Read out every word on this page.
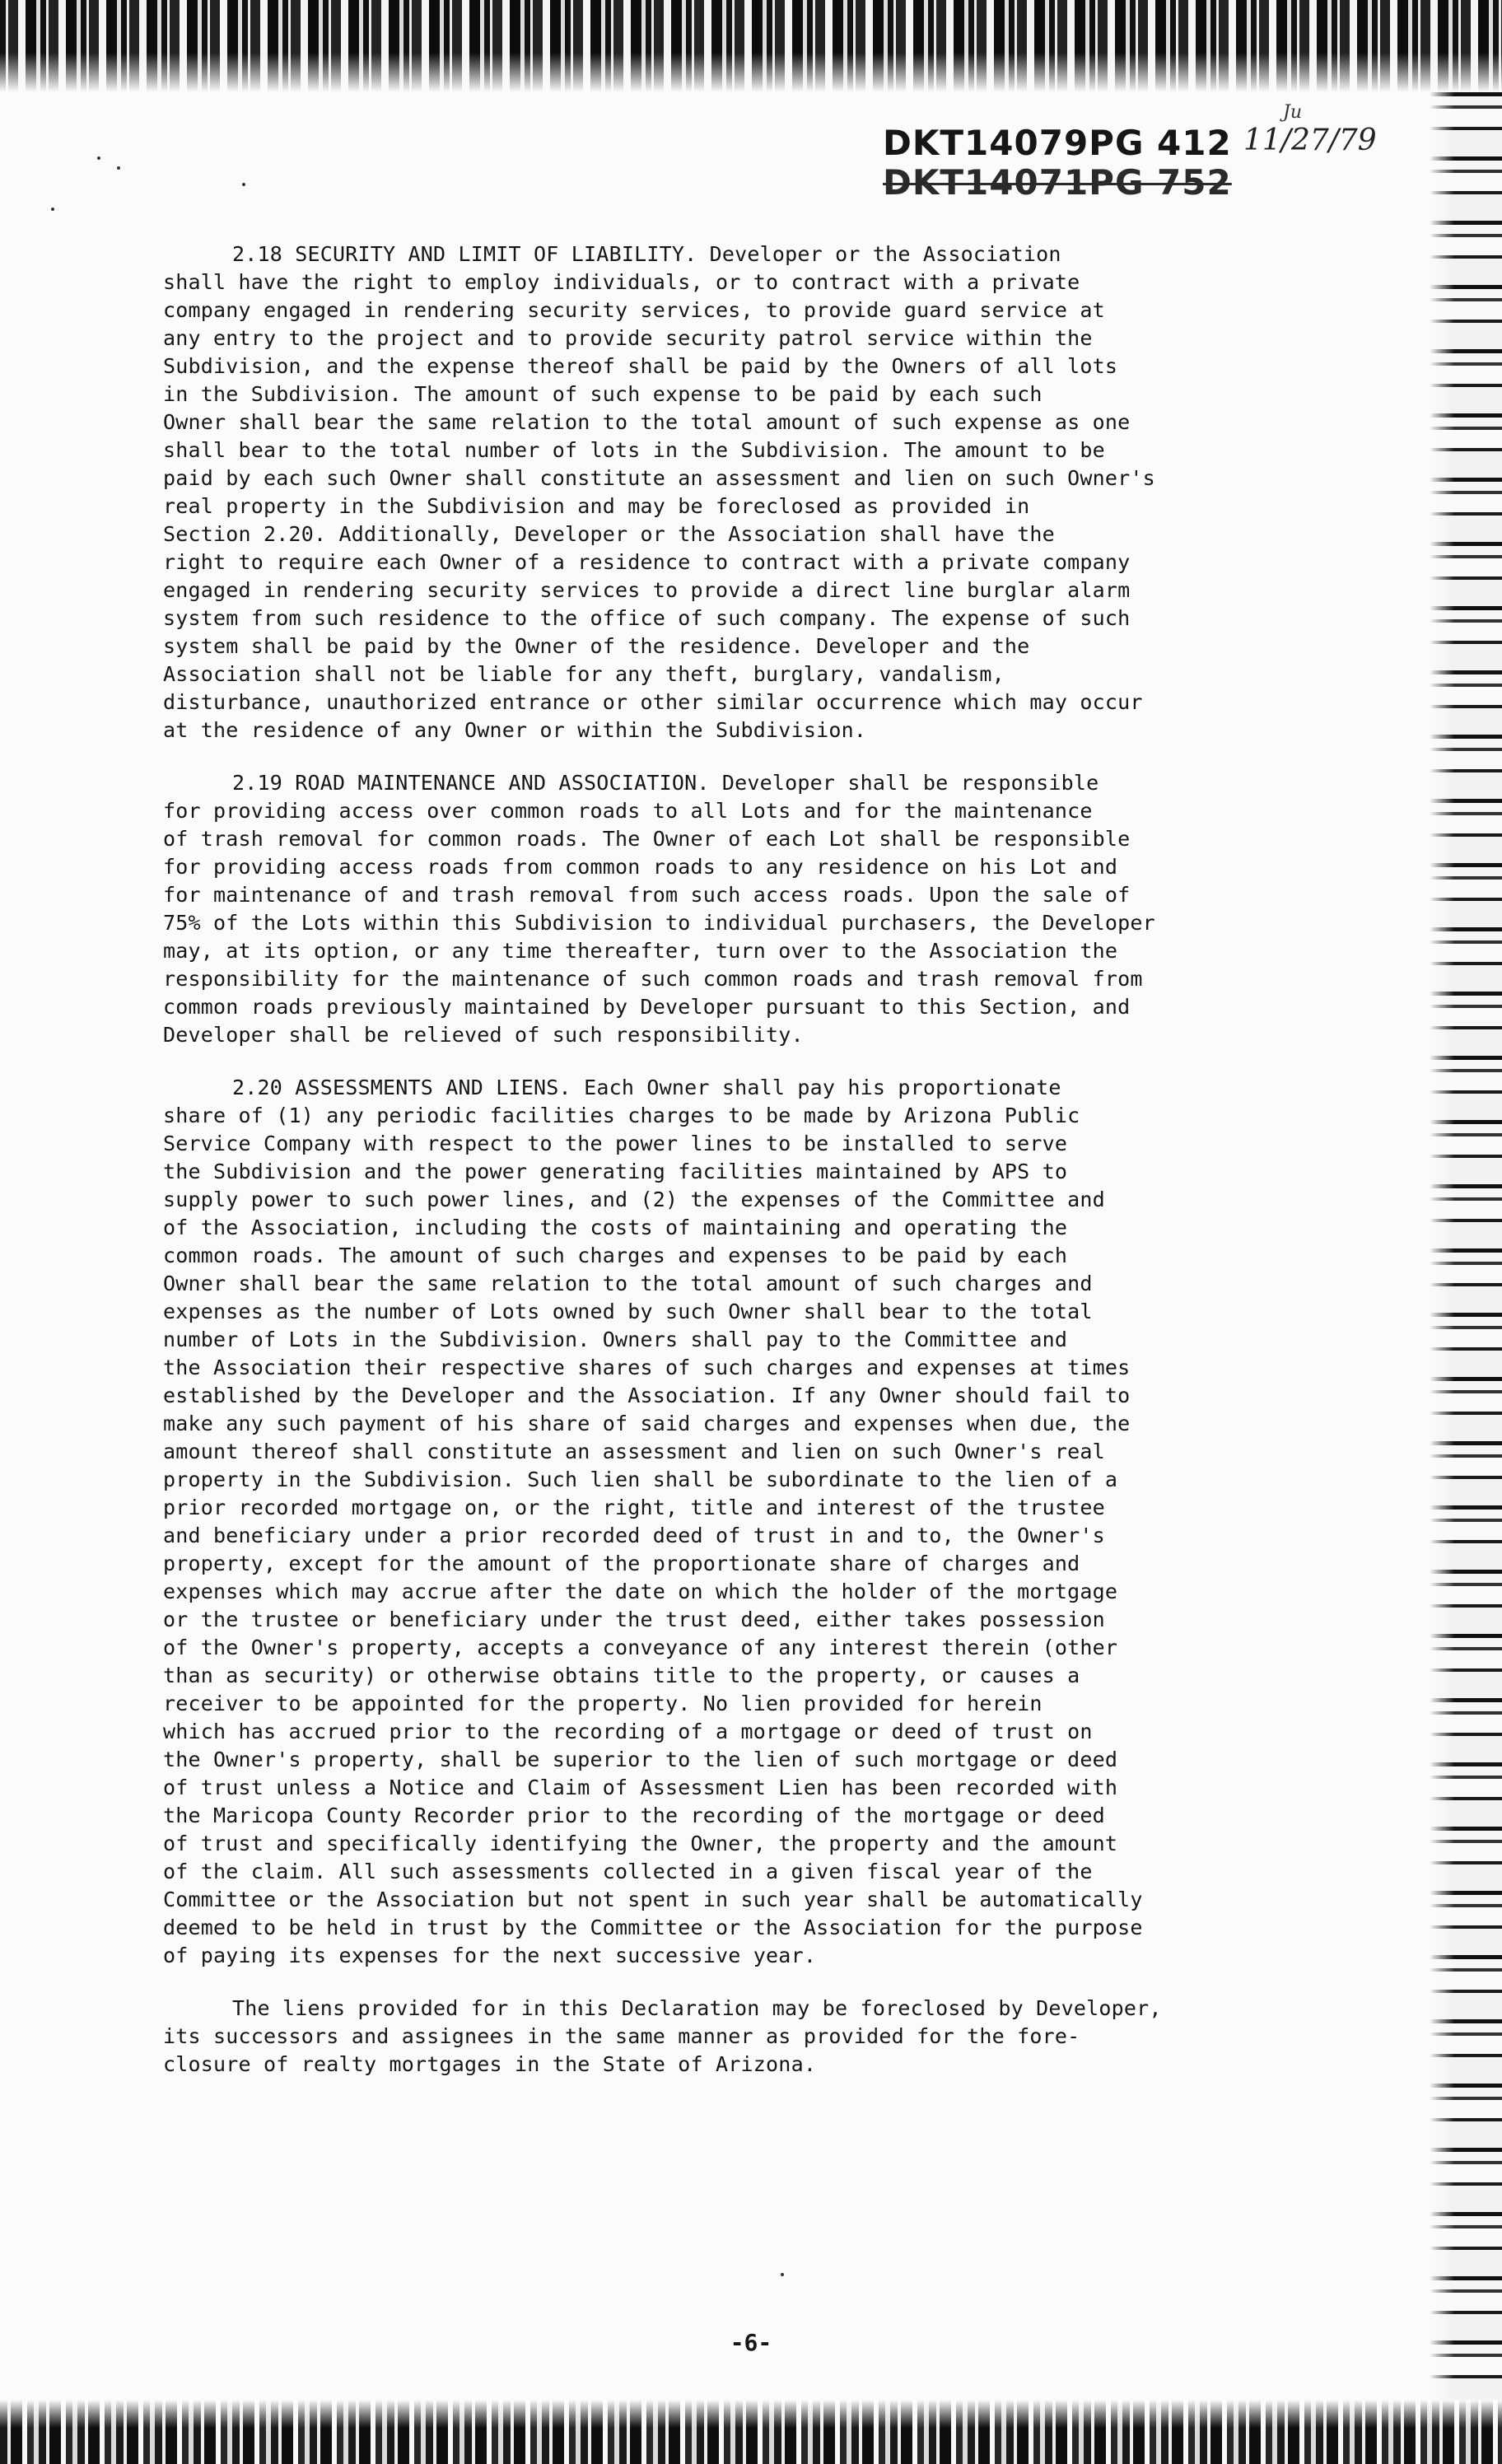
DKT14079PG 412
DKT14071PG 752
Ju
11/27/79

2.18 SECURITY AND LIMIT OF LIABILITY. Developer or the Association
shall have the right to employ individuals, or to contract with a private
company engaged in rendering security services, to provide guard service at
any entry to the project and to provide security patrol service within the
Subdivision, and the expense thereof shall be paid by the Owners of all lots
in the Subdivision. The amount of such expense to be paid by each such
Owner shall bear the same relation to the total amount of such expense as one
shall bear to the total number of lots in the Subdivision. The amount to be
paid by each such Owner shall constitute an assessment and lien on such Owner's
real property in the Subdivision and may be foreclosed as provided in
Section 2.20. Additionally, Developer or the Association shall have the
right to require each Owner of a residence to contract with a private company
engaged in rendering security services to provide a direct line burglar alarm
system from such residence to the office of such company. The expense of such
system shall be paid by the Owner of the residence. Developer and the
Association shall not be liable for any theft, burglary, vandalism,
disturbance, unauthorized entrance or other similar occurrence which may occur
at the residence of any Owner or within the Subdivision.

2.19 ROAD MAINTENANCE AND ASSOCIATION. Developer shall be responsible
for providing access over common roads to all Lots and for the maintenance
of trash removal for common roads. The Owner of each Lot shall be responsible
for providing access roads from common roads to any residence on his Lot and
for maintenance of and trash removal from such access roads. Upon the sale of
75% of the Lots within this Subdivision to individual purchasers, the Developer
may, at its option, or any time thereafter, turn over to the Association the
responsibility for the maintenance of such common roads and trash removal from
common roads previously maintained by Developer pursuant to this Section, and
Developer shall be relieved of such responsibility.

2.20 ASSESSMENTS AND LIENS. Each Owner shall pay his proportionate
share of (1) any periodic facilities charges to be made by Arizona Public
Service Company with respect to the power lines to be installed to serve
the Subdivision and the power generating facilities maintained by APS to
supply power to such power lines, and (2) the expenses of the Committee and
of the Association, including the costs of maintaining and operating the
common roads. The amount of such charges and expenses to be paid by each
Owner shall bear the same relation to the total amount of such charges and
expenses as the number of Lots owned by such Owner shall bear to the total
number of Lots in the Subdivision. Owners shall pay to the Committee and
the Association their respective shares of such charges and expenses at times
established by the Developer and the Association. If any Owner should fail to
make any such payment of his share of said charges and expenses when due, the
amount thereof shall constitute an assessment and lien on such Owner's real
property in the Subdivision. Such lien shall be subordinate to the lien of a
prior recorded mortgage on, or the right, title and interest of the trustee
and beneficiary under a prior recorded deed of trust in and to, the Owner's
property, except for the amount of the proportionate share of charges and
expenses which may accrue after the date on which the holder of the mortgage
or the trustee or beneficiary under the trust deed, either takes possession
of the Owner's property, accepts a conveyance of any interest therein (other
than as security) or otherwise obtains title to the property, or causes a
receiver to be appointed for the property. No lien provided for herein
which has accrued prior to the recording of a mortgage or deed of trust on
the Owner's property, shall be superior to the lien of such mortgage or deed
of trust unless a Notice and Claim of Assessment Lien has been recorded with
the Maricopa County Recorder prior to the recording of the mortgage or deed
of trust and specifically identifying the Owner, the property and the amount
of the claim. All such assessments collected in a given fiscal year of the
Committee or the Association but not spent in such year shall be automatically
deemed to be held in trust by the Committee or the Association for the purpose
of paying its expenses for the next successive year.

The liens provided for in this Declaration may be foreclosed by Developer,
its successors and assignees in the same manner as provided for the fore-
closure of realty mortgages in the State of Arizona.

-6-
